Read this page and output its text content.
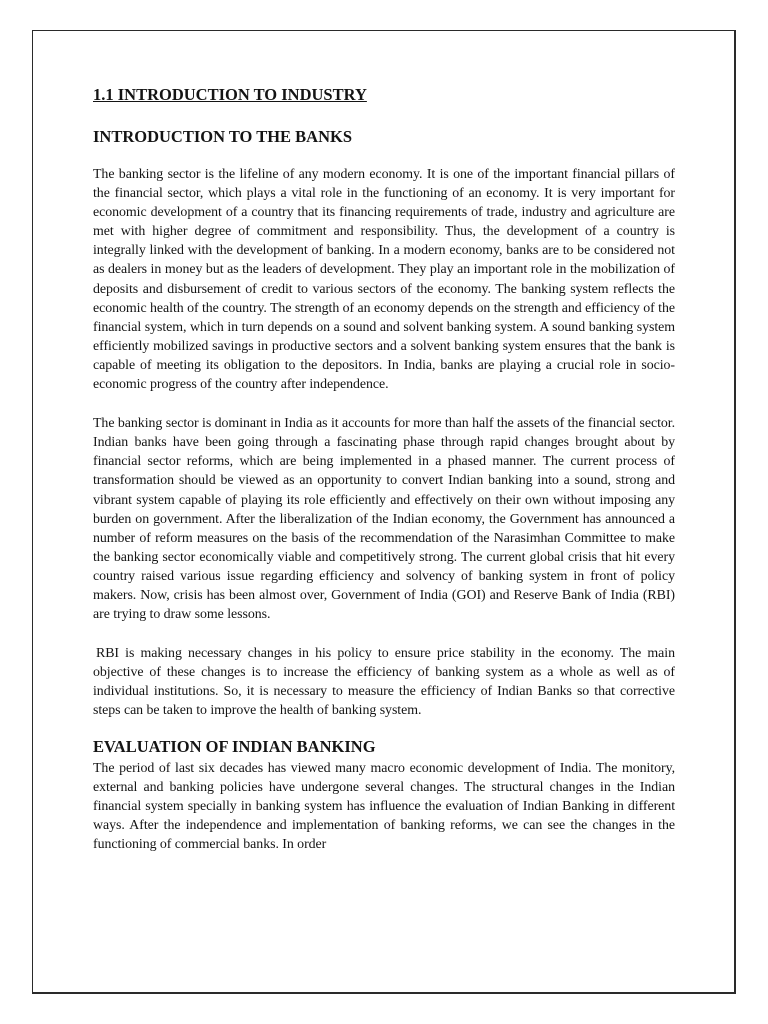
1.1 INTRODUCTION TO INDUSTRY
INTRODUCTION TO THE BANKS

The banking sector is the lifeline of any modern economy. It is one of the important financial pillars of the financial sector, which plays a vital role in the functioning of an economy. It is very important for economic development of a country that its financing requirements of trade, industry and agriculture are met with higher degree of commitment and responsibility. Thus, the development of a country is integrally linked with the development of banking. In a modern economy, banks are to be considered not as dealers in money but as the leaders of development. They play an important role in the mobilization of deposits and disbursement of credit to various sectors of the economy. The banking system reflects the economic health of the country. The strength of an economy depends on the strength and efficiency of the financial system, which in turn depends on a sound and solvent banking system. A sound banking system efficiently mobilized savings in productive sectors and a solvent banking system ensures that the bank is capable of meeting its obligation to the depositors. In India, banks are playing a crucial role in socio-economic progress of the country after independence.

The banking sector is dominant in India as it accounts for more than half the assets of the financial sector. Indian banks have been going through a fascinating phase through rapid changes brought about by financial sector reforms, which are being implemented in a phased manner. The current process of transformation should be viewed as an opportunity to convert Indian banking into a sound, strong and vibrant system capable of playing its role efficiently and effectively on their own without imposing any burden on government. After the liberalization of the Indian economy, the Government has announced a number of reform measures on the basis of the recommendation of the Narasimhan Committee to make the banking sector economically viable and competitively strong. The current global crisis that hit every country raised various issue regarding efficiency and solvency of banking system in front of policy makers. Now, crisis has been almost over, Government of India (GOI) and Reserve Bank of India (RBI) are trying to draw some lessons.

RBI is making necessary changes in his policy to ensure price stability in the economy. The main objective of these changes is to increase the efficiency of banking system as a whole as well as of individual institutions. So, it is necessary to measure the efficiency of Indian Banks so that corrective steps can be taken to improve the health of banking system.

EVALUATION OF INDIAN BANKING

The period of last six decades has viewed many macro economic development of India. The monitory, external and banking policies have undergone several changes. The structural changes in the Indian financial system specially in banking system has influence the evaluation of Indian Banking in different ways. After the independence and implementation of banking reforms, we can see the changes in the functioning of commercial banks. In order
